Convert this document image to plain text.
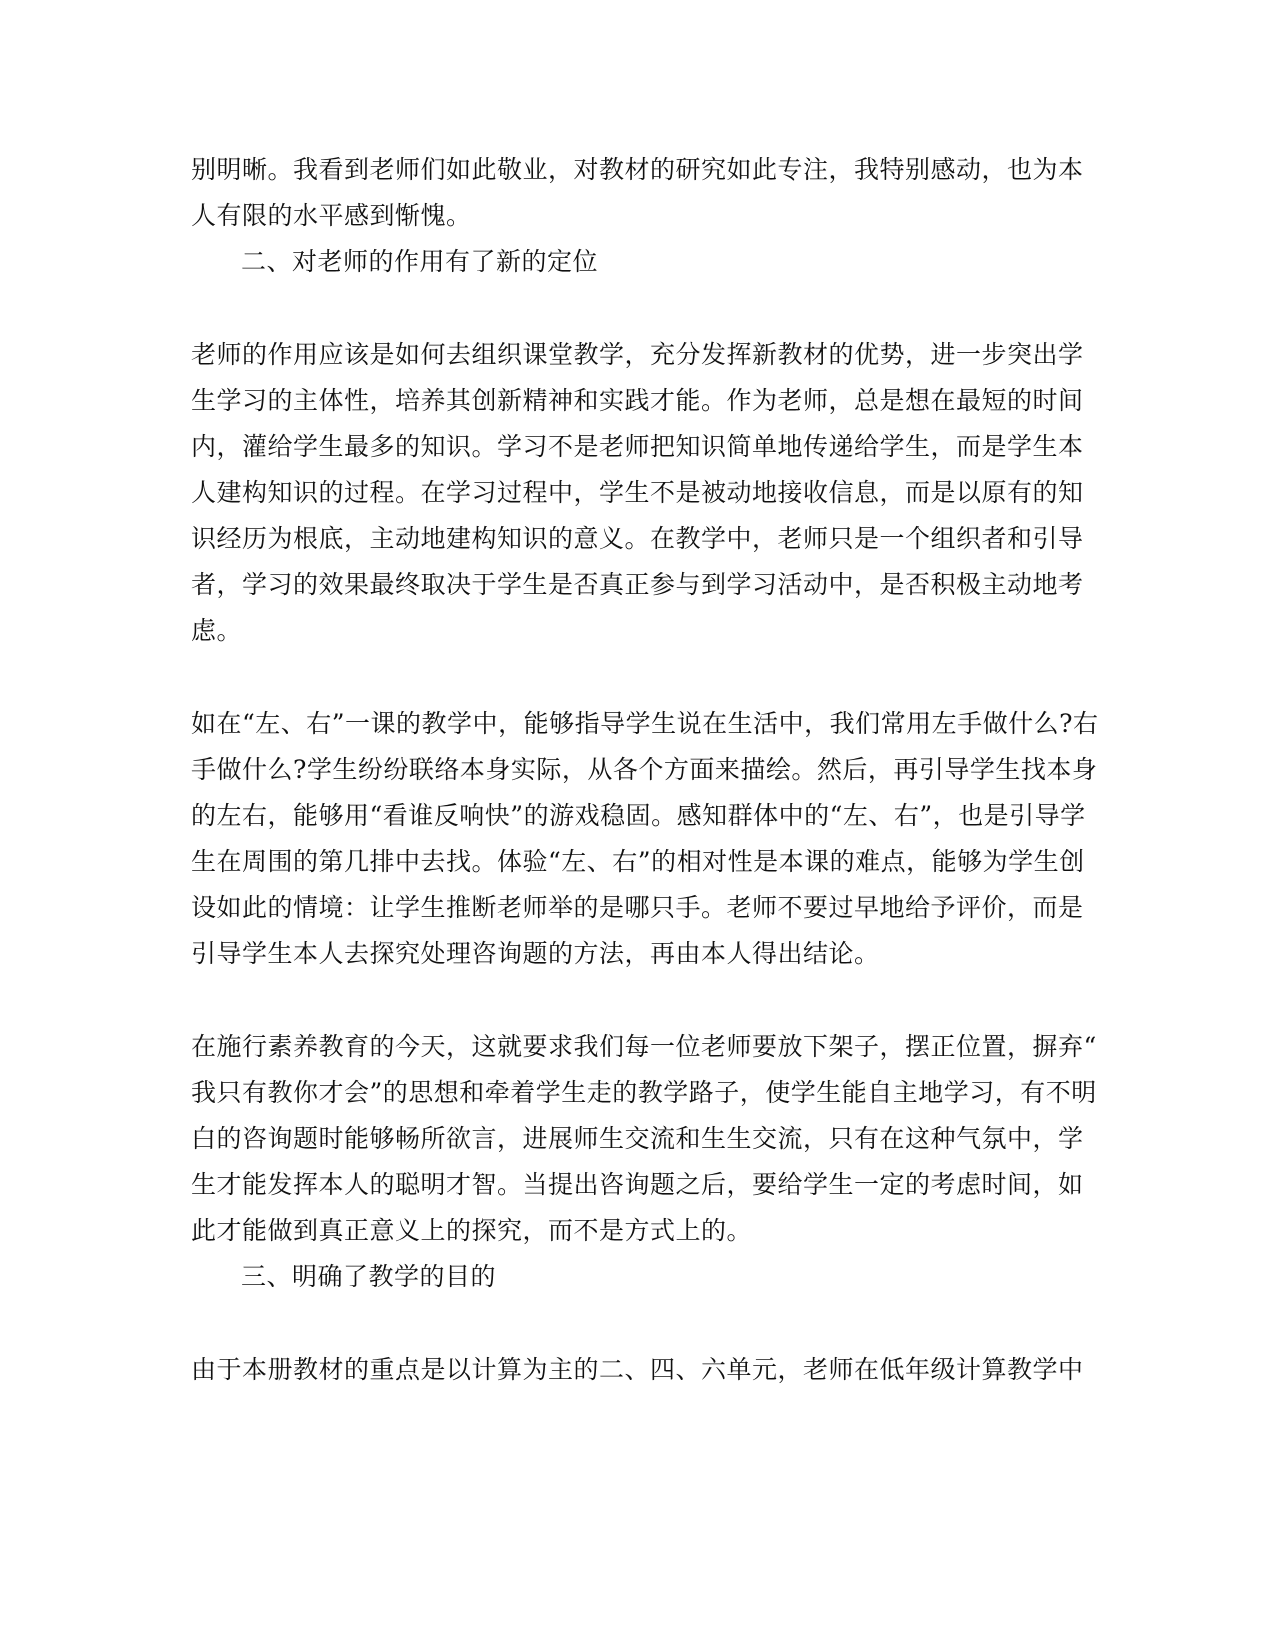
别明晰。我看到老师们如此敬业，对教材的研究如此专注，我特别感动，也为本
人有限的水平感到惭愧。
二、对老师的作用有了新的定位
老师的作用应该是如何去组织课堂教学，充分发挥新教材的优势，进一步突出学
生学习的主体性，培养其创新精神和实践才能。作为老师，总是想在最短的时间
内，灌给学生最多的知识。学习不是老师把知识简单地传递给学生，而是学生本
人建构知识的过程。在学习过程中，学生不是被动地接收信息，而是以原有的知
识经历为根底，主动地建构知识的意义。在教学中，老师只是一个组织者和引导
者，学习的效果最终取决于学生是否真正参与到学习活动中，是否积极主动地考
虑。
如在“左、右”一课的教学中，能够指导学生说在生活中，我们常用左手做什么?右
手做什么?学生纷纷联络本身实际，从各个方面来描绘。然后，再引导学生找本身
的左右，能够用“看谁反响快”的游戏稳固。感知群体中的“左、右”，也是引导学
生在周围的第几排中去找。体验“左、右”的相对性是本课的难点，能够为学生创
设如此的情境：让学生推断老师举的是哪只手。老师不要过早地给予评价，而是
引导学生本人去探究处理咨询题的方法，再由本人得出结论。
在施行素养教育的今天，这就要求我们每一位老师要放下架子，摆正位置，摒弃“
我只有教你才会”的思想和牵着学生走的教学路子，使学生能自主地学习，有不明
白的咨询题时能够畅所欲言，进展师生交流和生生交流，只有在这种气氛中，学
生才能发挥本人的聪明才智。当提出咨询题之后，要给学生一定的考虑时间，如
此才能做到真正意义上的探究，而不是方式上的。
三、明确了教学的目的
由于本册教材的重点是以计算为主的二、四、六单元，老师在低年级计算教学中
